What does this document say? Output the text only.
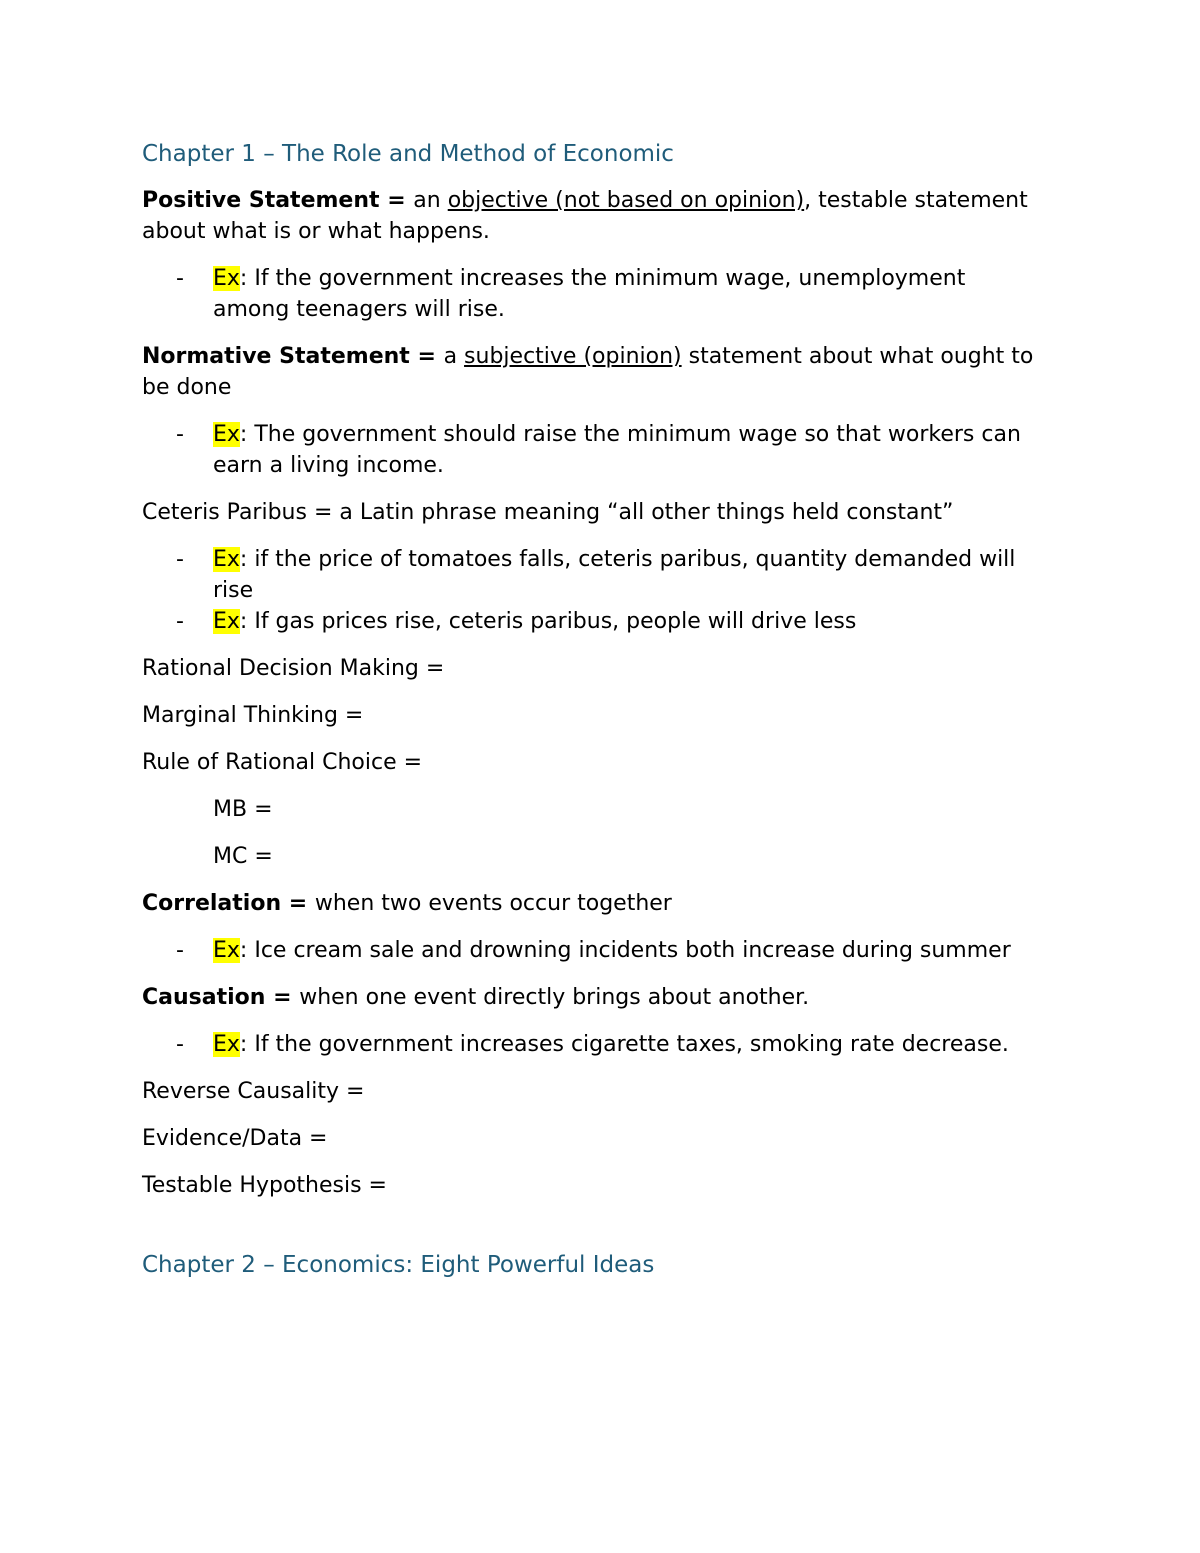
Chapter 1 – The Role and Method of Economic

Positive Statement = an objective (not based on opinion), testable statement about what is or what happens.

- Ex: If the government increases the minimum wage, unemployment among teenagers will rise.

Normative Statement = a subjective (opinion) statement about what ought to be done

- Ex: The government should raise the minimum wage so that workers can earn a living income.

Ceteris Paribus = a Latin phrase meaning “all other things held constant”

- Ex: if the price of tomatoes falls, ceteris paribus, quantity demanded will rise
- Ex: If gas prices rise, ceteris paribus, people will drive less

Rational Decision Making =

Marginal Thinking =

Rule of Rational Choice =

MB =

MC =

Correlation = when two events occur together

- Ex: Ice cream sale and drowning incidents both increase during summer

Causation = when one event directly brings about another.

- Ex: If the government increases cigarette taxes, smoking rate decrease.

Reverse Causality =

Evidence/Data =

Testable Hypothesis =

Chapter 2 – Economics: Eight Powerful Ideas
